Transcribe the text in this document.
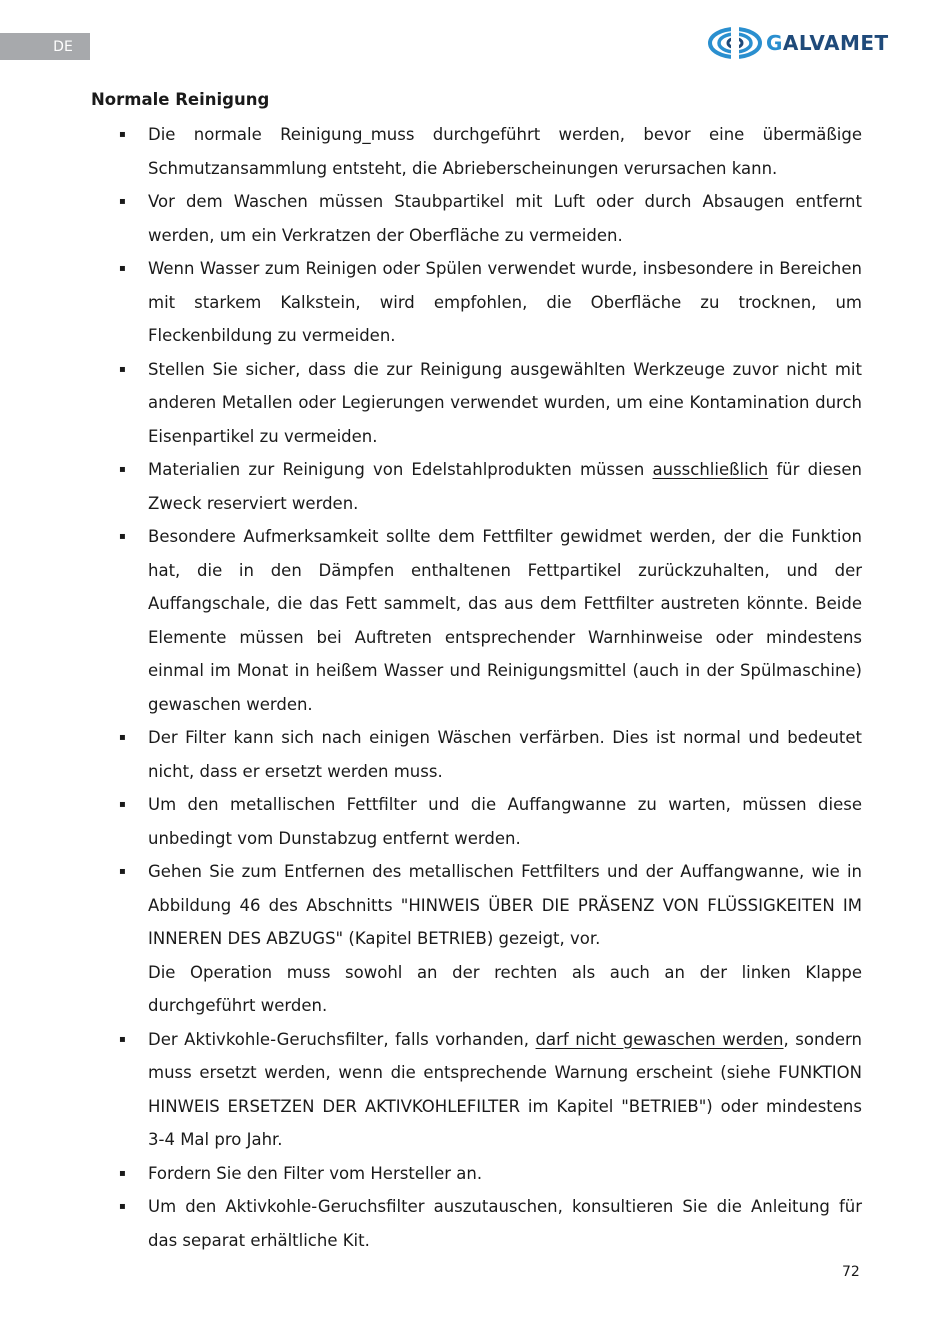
DE	GALVAMET
Normale Reinigung
▪ Die normale Reinigung_muss durchgeführt werden, bevor eine übermäßige Schmutzansammlung entsteht, die Abrieberscheinungen verursachen kann.
▪ Vor dem Waschen müssen Staubpartikel mit Luft oder durch Absaugen entfernt werden, um ein Verkratzen der Oberfläche zu vermeiden.
▪ Wenn Wasser zum Reinigen oder Spülen verwendet wurde, insbesondere in Bereichen mit starkem Kalkstein, wird empfohlen, die Oberfläche zu trocknen, um Fleckenbildung zu vermeiden.
▪ Stellen Sie sicher, dass die zur Reinigung ausgewählten Werkzeuge zuvor nicht mit anderen Metallen oder Legierungen verwendet wurden, um eine Kontamination durch Eisenpartikel zu vermeiden.
▪ Materialien zur Reinigung von Edelstahlprodukten müssen ausschließlich für diesen Zweck reserviert werden.
▪ Besondere Aufmerksamkeit sollte dem Fettfilter gewidmet werden, der die Funktion hat, die in den Dämpfen enthaltenen Fettpartikel zurückzuhalten, und der Auffangschale, die das Fett sammelt, das aus dem Fettfilter austreten könnte. Beide Elemente müssen bei Auftreten entsprechender Warnhinweise oder mindestens einmal im Monat in heißem Wasser und Reinigungsmittel (auch in der Spülmaschine) gewaschen werden.
▪ Der Filter kann sich nach einigen Wäschen verfärben. Dies ist normal und bedeutet nicht, dass er ersetzt werden muss.
▪ Um den metallischen Fettfilter und die Auffangwanne zu warten, müssen diese unbedingt vom Dunstabzug entfernt werden.
▪ Gehen Sie zum Entfernen des metallischen Fettfilters und der Auffangwanne, wie in Abbildung 46 des Abschnitts "HINWEIS ÜBER DIE PRÄSENZ VON FLÜSSIGKEITEN IM INNEREN DES ABZUGS" (Kapitel BETRIEB) gezeigt, vor.
Die Operation muss sowohl an der rechten als auch an der linken Klappe durchgeführt werden.
▪ Der Aktivkohle-Geruchsfilter, falls vorhanden, darf nicht gewaschen werden, sondern muss ersetzt werden, wenn die entsprechende Warnung erscheint (siehe FUNKTION HINWEIS ERSETZEN DER AKTIVKOHLEFILTER im Kapitel "BETRIEB") oder mindestens 3-4 Mal pro Jahr.
▪ Fordern Sie den Filter vom Hersteller an.
▪ Um den Aktivkohle-Geruchsfilter auszutauschen, konsultieren Sie die Anleitung für das separat erhältliche Kit.
72
